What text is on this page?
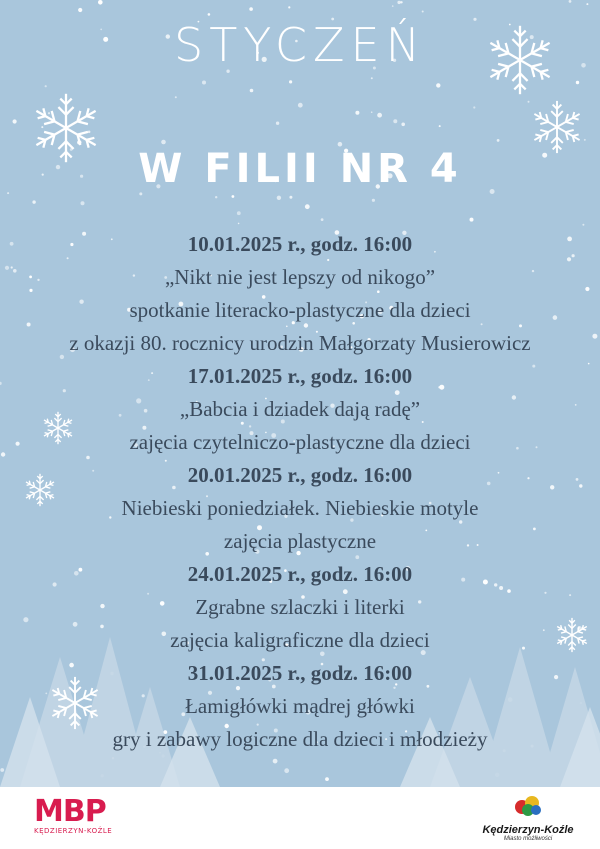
STYCZEŃ
W FILII NR 4
10.01.2025 r., godz. 16:00
„Nikt nie jest lepszy od nikogo”
spotkanie literacko-plastyczne dla dzieci
z okazji 80. rocznicy urodzin Małgorzaty Musierowicz
17.01.2025 r., godz. 16:00
„Babcia i dziadek dają radę”
zajęcia czytelniczo-plastyczne dla dzieci
20.01.2025 r., godz. 16:00
Niebieski poniedziałek. Niebieskie motyle
zajęcia plastyczne
24.01.2025 r., godz. 16:00
Zgrabne szlaczki i literki
zajęcia kaligraficzne dla dzieci
31.01.2025 r., godz. 16:00
Łamigłówki mądrej główki
gry i zabawy logiczne dla dzieci i młodzieży
MBP
KĘDZIERZYN-KOŹLE	Kędzierzyn-Koźle
Miasto możliwości
